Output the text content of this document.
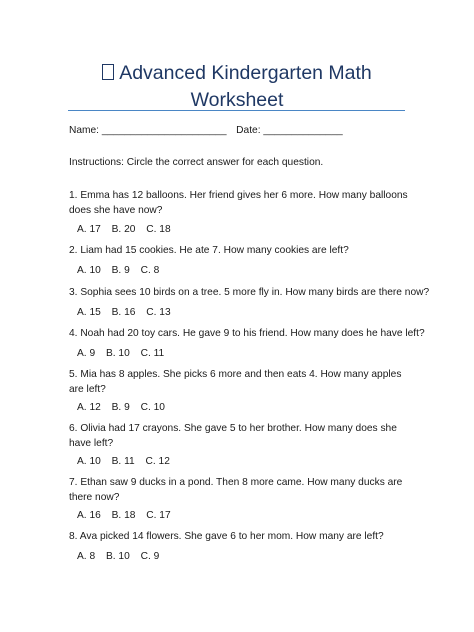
Advanced Kindergarten Math
Worksheet
Name: ______________________ Date: ______________
Instructions: Circle the correct answer for each question.
1. Emma has 12 balloons. Her friend gives her 6 more. How many balloons does she have now?
A. 17 B. 20 C. 18
2. Liam had 15 cookies. He ate 7. How many cookies are left?
A. 10 B. 9 C. 8
3. Sophia sees 10 birds on a tree. 5 more fly in. How many birds are there now?
A. 15 B. 16 C. 13
4. Noah had 20 toy cars. He gave 9 to his friend. How many does he have left?
A. 9 B. 10 C. 11
5. Mia has 8 apples. She picks 6 more and then eats 4. How many apples are left?
A. 12 B. 9 C. 10
6. Olivia had 17 crayons. She gave 5 to her brother. How many does she have left?
A. 10 B. 11 C. 12
7. Ethan saw 9 ducks in a pond. Then 8 more came. How many ducks are there now?
A. 16 B. 18 C. 17
8. Ava picked 14 flowers. She gave 6 to her mom. How many are left?
A. 8 B. 10 C. 9
